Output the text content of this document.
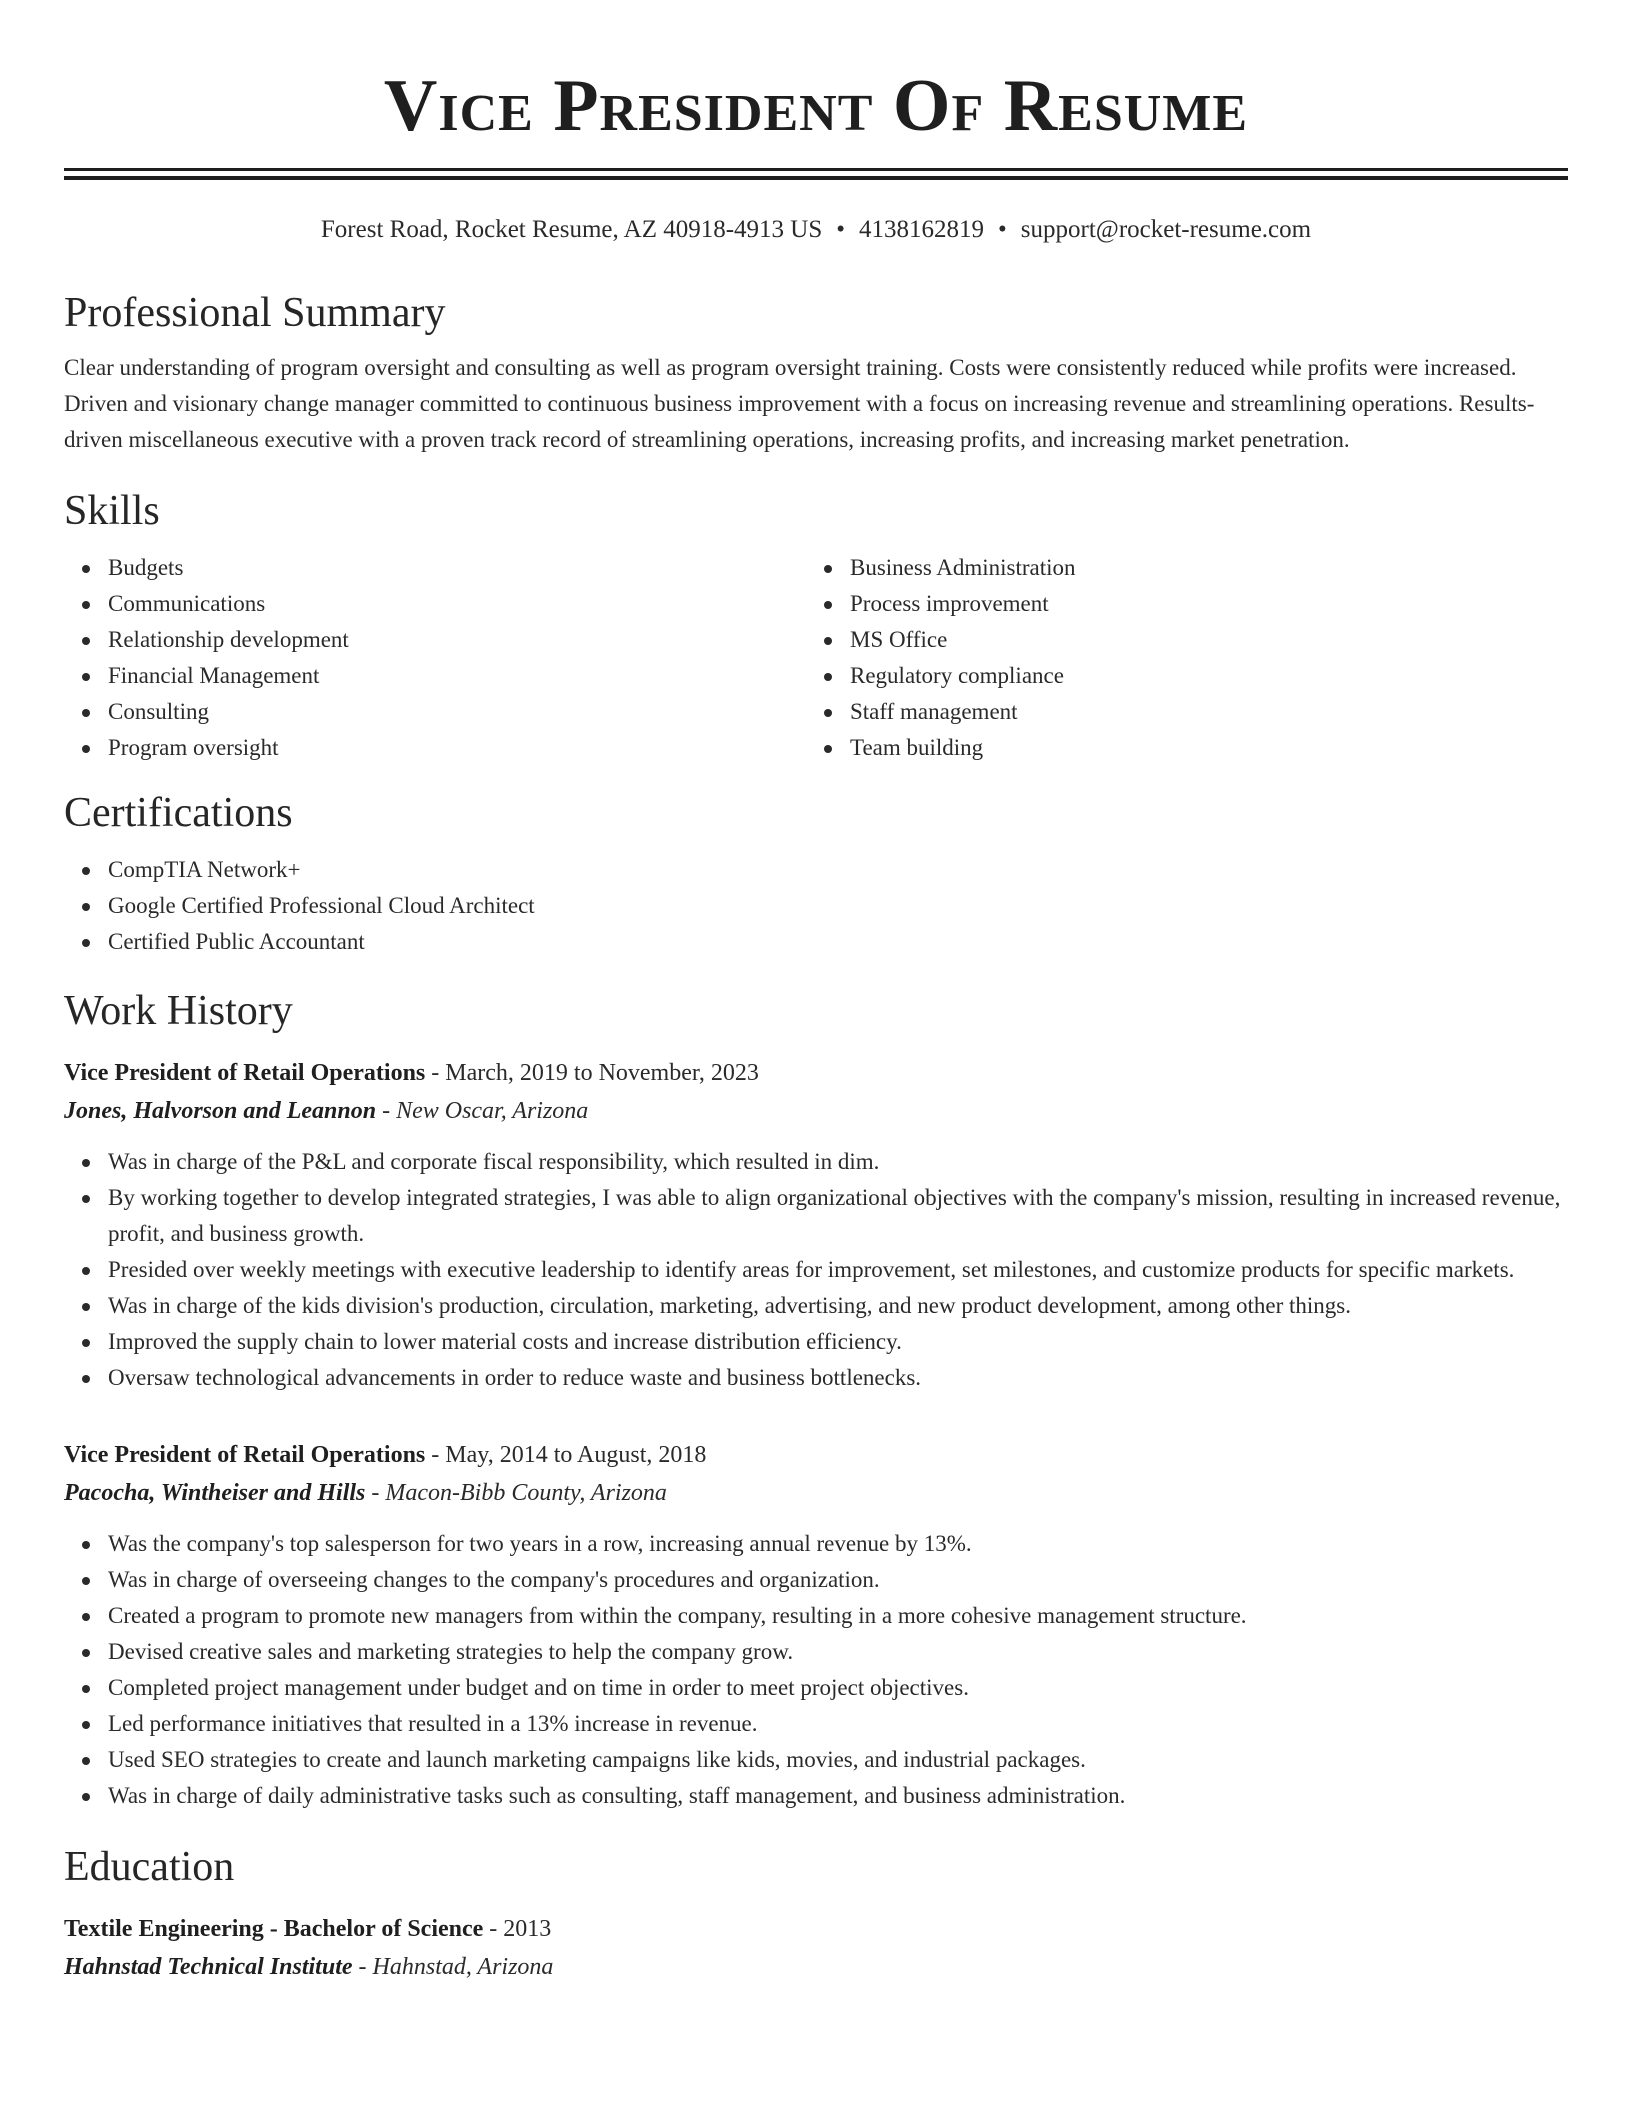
Vice President Of Resume
Forest Road, Rocket Resume, AZ 40918-4913 US • 4138162819 • support@rocket-resume.com
Professional Summary
Clear understanding of program oversight and consulting as well as program oversight training. Costs were consistently reduced while profits were increased. Driven and visionary change manager committed to continuous business improvement with a focus on increasing revenue and streamlining operations. Results-driven miscellaneous executive with a proven track record of streamlining operations, increasing profits, and increasing market penetration.
Skills
Budgets
Communications
Relationship development
Financial Management
Consulting
Program oversight
Business Administration
Process improvement
MS Office
Regulatory compliance
Staff management
Team building
Certifications
CompTIA Network+
Google Certified Professional Cloud Architect
Certified Public Accountant
Work History
Vice President of Retail Operations - March, 2019 to November, 2023
Jones, Halvorson and Leannon - New Oscar, Arizona
Was in charge of the P&L and corporate fiscal responsibility, which resulted in dim.
By working together to develop integrated strategies, I was able to align organizational objectives with the company's mission, resulting in increased revenue, profit, and business growth.
Presided over weekly meetings with executive leadership to identify areas for improvement, set milestones, and customize products for specific markets.
Was in charge of the kids division's production, circulation, marketing, advertising, and new product development, among other things.
Improved the supply chain to lower material costs and increase distribution efficiency.
Oversaw technological advancements in order to reduce waste and business bottlenecks.
Vice President of Retail Operations - May, 2014 to August, 2018
Pacocha, Wintheiser and Hills - Macon-Bibb County, Arizona
Was the company's top salesperson for two years in a row, increasing annual revenue by 13%.
Was in charge of overseeing changes to the company's procedures and organization.
Created a program to promote new managers from within the company, resulting in a more cohesive management structure.
Devised creative sales and marketing strategies to help the company grow.
Completed project management under budget and on time in order to meet project objectives.
Led performance initiatives that resulted in a 13% increase in revenue.
Used SEO strategies to create and launch marketing campaigns like kids, movies, and industrial packages.
Was in charge of daily administrative tasks such as consulting, staff management, and business administration.
Education
Textile Engineering - Bachelor of Science - 2013
Hahnstad Technical Institute - Hahnstad, Arizona
